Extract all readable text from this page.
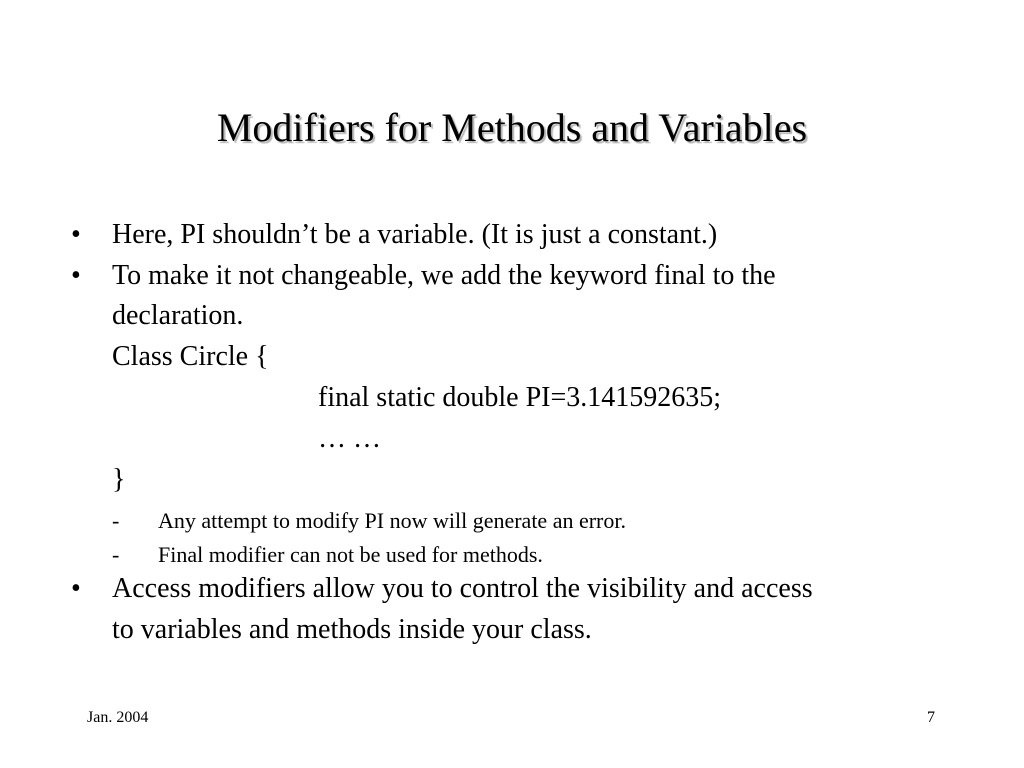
Modifiers for Methods and Variables
• Here, PI shouldn’t be a variable. (It is just a constant.)
• To make it not changeable, we add the keyword final to the
declaration.
Class Circle {
final static double PI=3.141592635;
… …
}
- Any attempt to modify PI now will generate an error.
- Final modifier can not be used for methods.
• Access modifiers allow you to control the visibility and access
to variables and methods inside your class.
Jan. 2004	7
